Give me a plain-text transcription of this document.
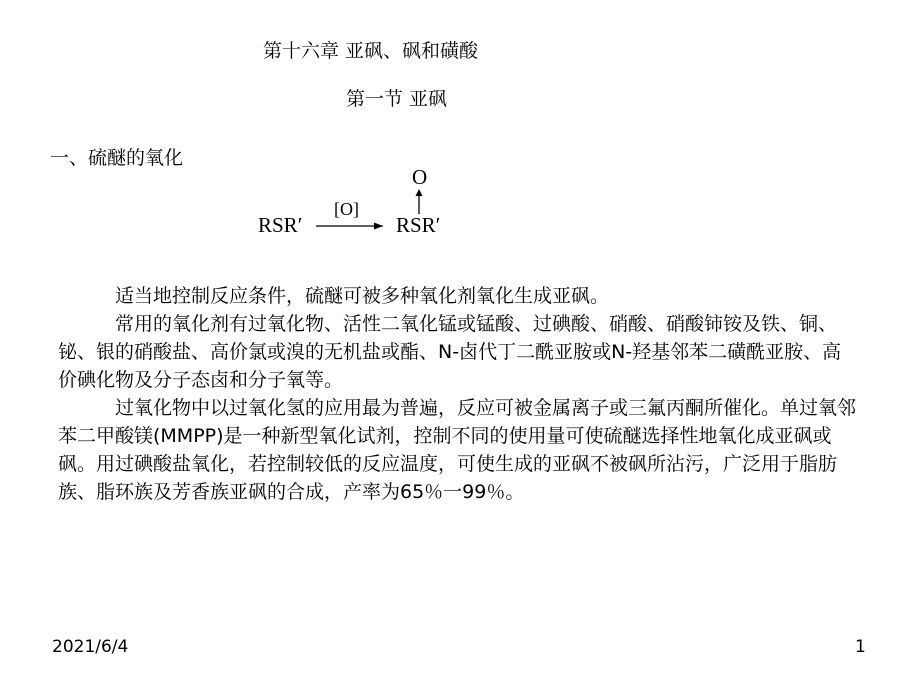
第十六章 亚砜、砜和磺酸
第一节 亚砜
一、硫醚的氧化
RSR′
[O]
RSR′
O

适当地控制反应条件，硫醚可被多种氧化剂氧化生成亚砜。

常用的氧化剂有过氧化物、活性二氧化锰或锰酸、过碘酸、硝酸、硝酸铈铵及铁、铜、铋、银的硝酸盐、高价氯或溴的无机盐或酯、N-卤代丁二酰亚胺或N-羟基邻苯二磺酰亚胺、高价碘化物及分子态卤和分子氧等。

过氧化物中以过氧化氢的应用最为普遍，反应可被金属离子或三氟丙酮所催化。单过氧邻苯二甲酸镁(MMPP)是一种新型氧化试剂，控制不同的使用量可使硫醚选择性地氧化成亚砜或砜。用过碘酸盐氧化，若控制较低的反应温度，可使生成的亚砜不被砜所沾污，广泛用于脂肪族、脂环族及芳香族亚砜的合成，产率为65％一99％。

2021/6/4	1
